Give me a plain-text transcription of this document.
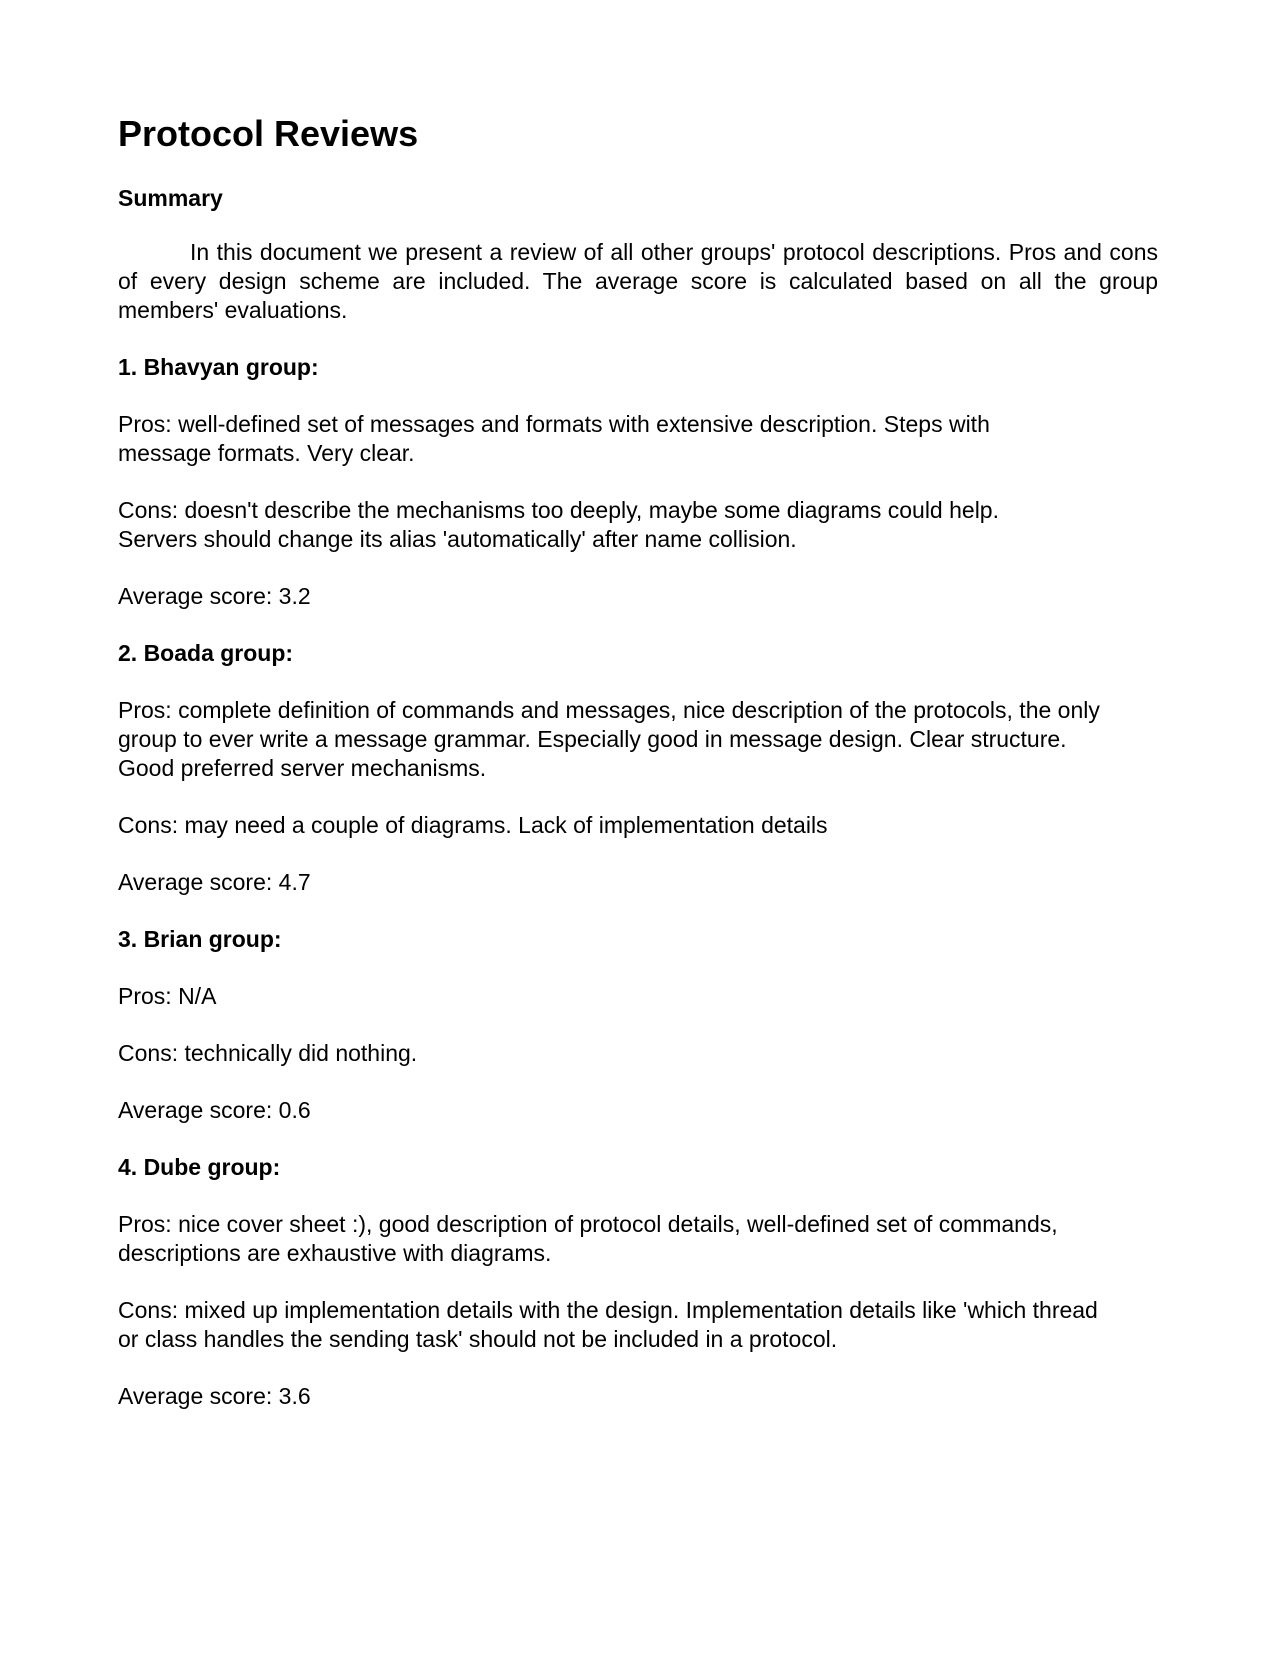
Protocol Reviews
Summary

In this document we present a review of all other groups' protocol descriptions. Pros and cons of every design scheme are included. The average score is calculated based on all the group members' evaluations.

1. Bhavyan group:

Pros: well-defined set of messages and formats with extensive description. Steps with message formats. Very clear.

Cons: doesn't describe the mechanisms too deeply, maybe some diagrams could help. Servers should change its alias 'automatically' after name collision.

Average score: 3.2

2. Boada group:

Pros: complete definition of commands and messages, nice description of the protocols, the only group to ever write a message grammar. Especially good in message design. Clear structure. Good preferred server mechanisms.

Cons: may need a couple of diagrams. Lack of implementation details

Average score: 4.7

3. Brian group:

Pros: N/A

Cons: technically did nothing.

Average score: 0.6

4. Dube group:

Pros: nice cover sheet :), good description of protocol details, well-defined set of commands, descriptions are exhaustive with diagrams.

Cons: mixed up implementation details with the design. Implementation details like 'which thread or class handles the sending task' should not be included in a protocol.

Average score: 3.6
